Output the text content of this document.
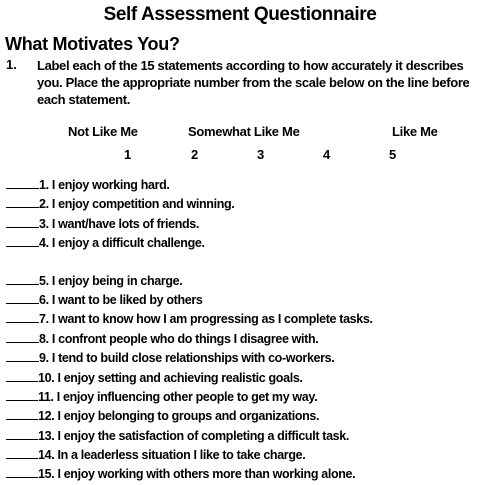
Self Assessment Questionnaire
What Motivates You?
1. Label each of the 15 statements according to how accurately it describes you. Place the appropriate number from the scale below on the line before each statement.
Not Like Me	Somewhat Like Me	Like Me
1	2	3	4	5
1. I enjoy working hard.
2. I enjoy competition and winning.
3. I want/have lots of friends.
4. I enjoy a difficult challenge.
5. I enjoy being in charge.
6. I want to be liked by others
7. I want to know how I am progressing as I complete tasks.
8. I confront people who do things I disagree with.
9. I tend to build close relationships with co-workers.
10. I enjoy setting and achieving realistic goals.
11. I enjoy influencing other people to get my way.
12. I enjoy belonging to groups and organizations.
13. I enjoy the satisfaction of completing a difficult task.
14. In a leaderless situation I like to take charge.
15. I enjoy working with others more than working alone.
